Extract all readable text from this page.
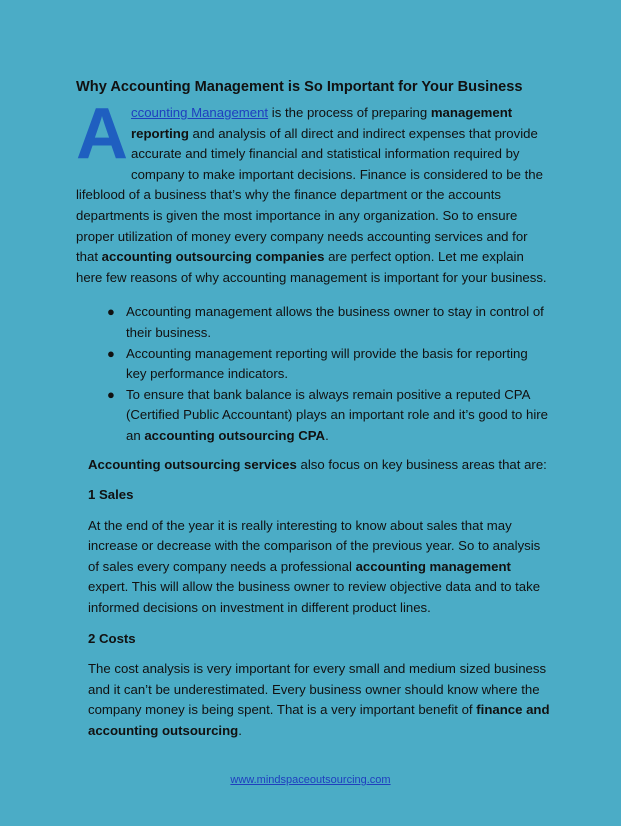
Why Accounting Management is So Important for Your Business
A ccounting Management is the process of preparing management reporting and analysis of all direct and indirect expenses that provide accurate and timely financial and statistical information required by company to make important decisions. Finance is considered to be the lifeblood of a business that’s why the finance department or the accounts departments is given the most importance in any organization. So to ensure proper utilization of money every company needs accounting services and for that accounting outsourcing companies are perfect option. Let me explain here few reasons of why accounting management is important for your business.

● Accounting management allows the business owner to stay in control of their business.
● Accounting management reporting will provide the basis for reporting key performance indicators.
● To ensure that bank balance is always remain positive a reputed CPA (Certified Public Accountant) plays an important role and it’s good to hire an accounting outsourcing CPA.

Accounting outsourcing services also focus on key business areas that are:

1 Sales

At the end of the year it is really interesting to know about sales that may increase or decrease with the comparison of the previous year. So to analysis of sales every company needs a professional accounting management expert. This will allow the business owner to review objective data and to take informed decisions on investment in different product lines.

2 Costs

The cost analysis is very important for every small and medium sized business and it can’t be underestimated. Every business owner should know where the company money is being spent. That is a very important benefit of finance and accounting outsourcing.

www.mindspaceoutsourcing.com
